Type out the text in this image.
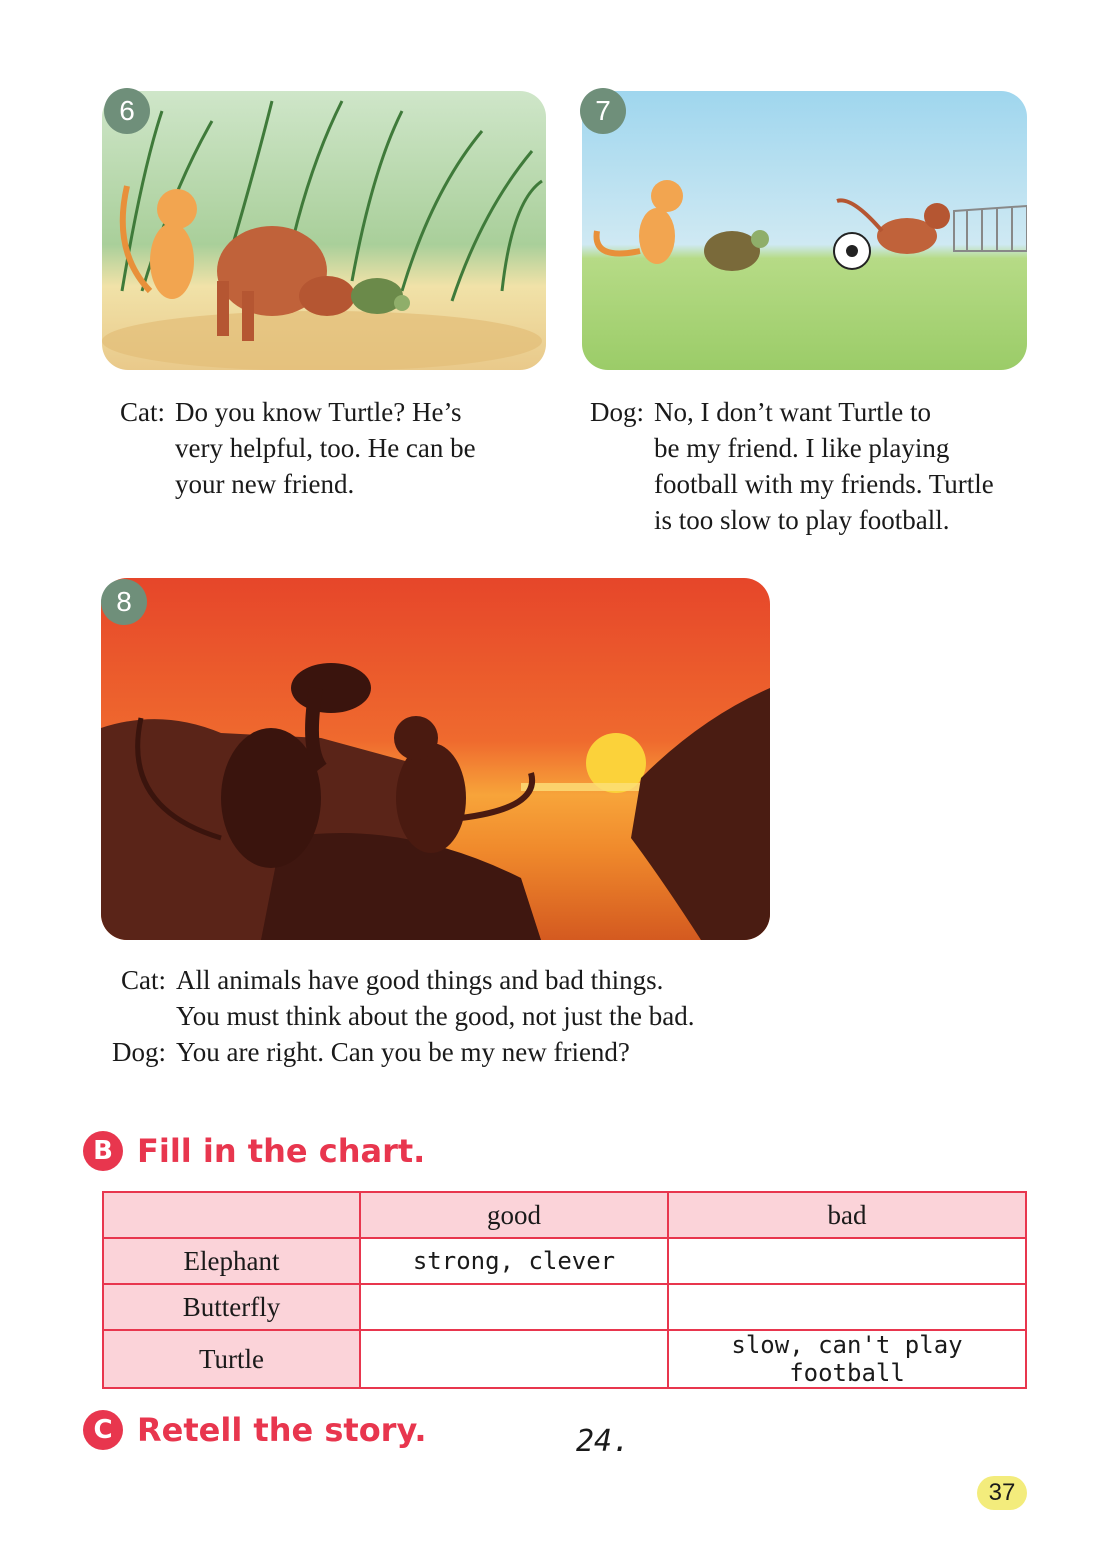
6	7
Cat: Do you know Turtle? He’s
very helpful, too. He can be
your new friend.
Dog: No, I don’t want Turtle to
be my friend. I like playing
football with my friends. Turtle
is too slow to play football.
8
Cat: All animals have good things and bad things.
You must think about the good, not just the bad.
Dog: You are right. Can you be my new friend?
B Fill in the chart.
	good	bad
Elephant	strong, clever	
Butterfly		
Turtle		slow, can't play football
C Retell the story.	24.
37
